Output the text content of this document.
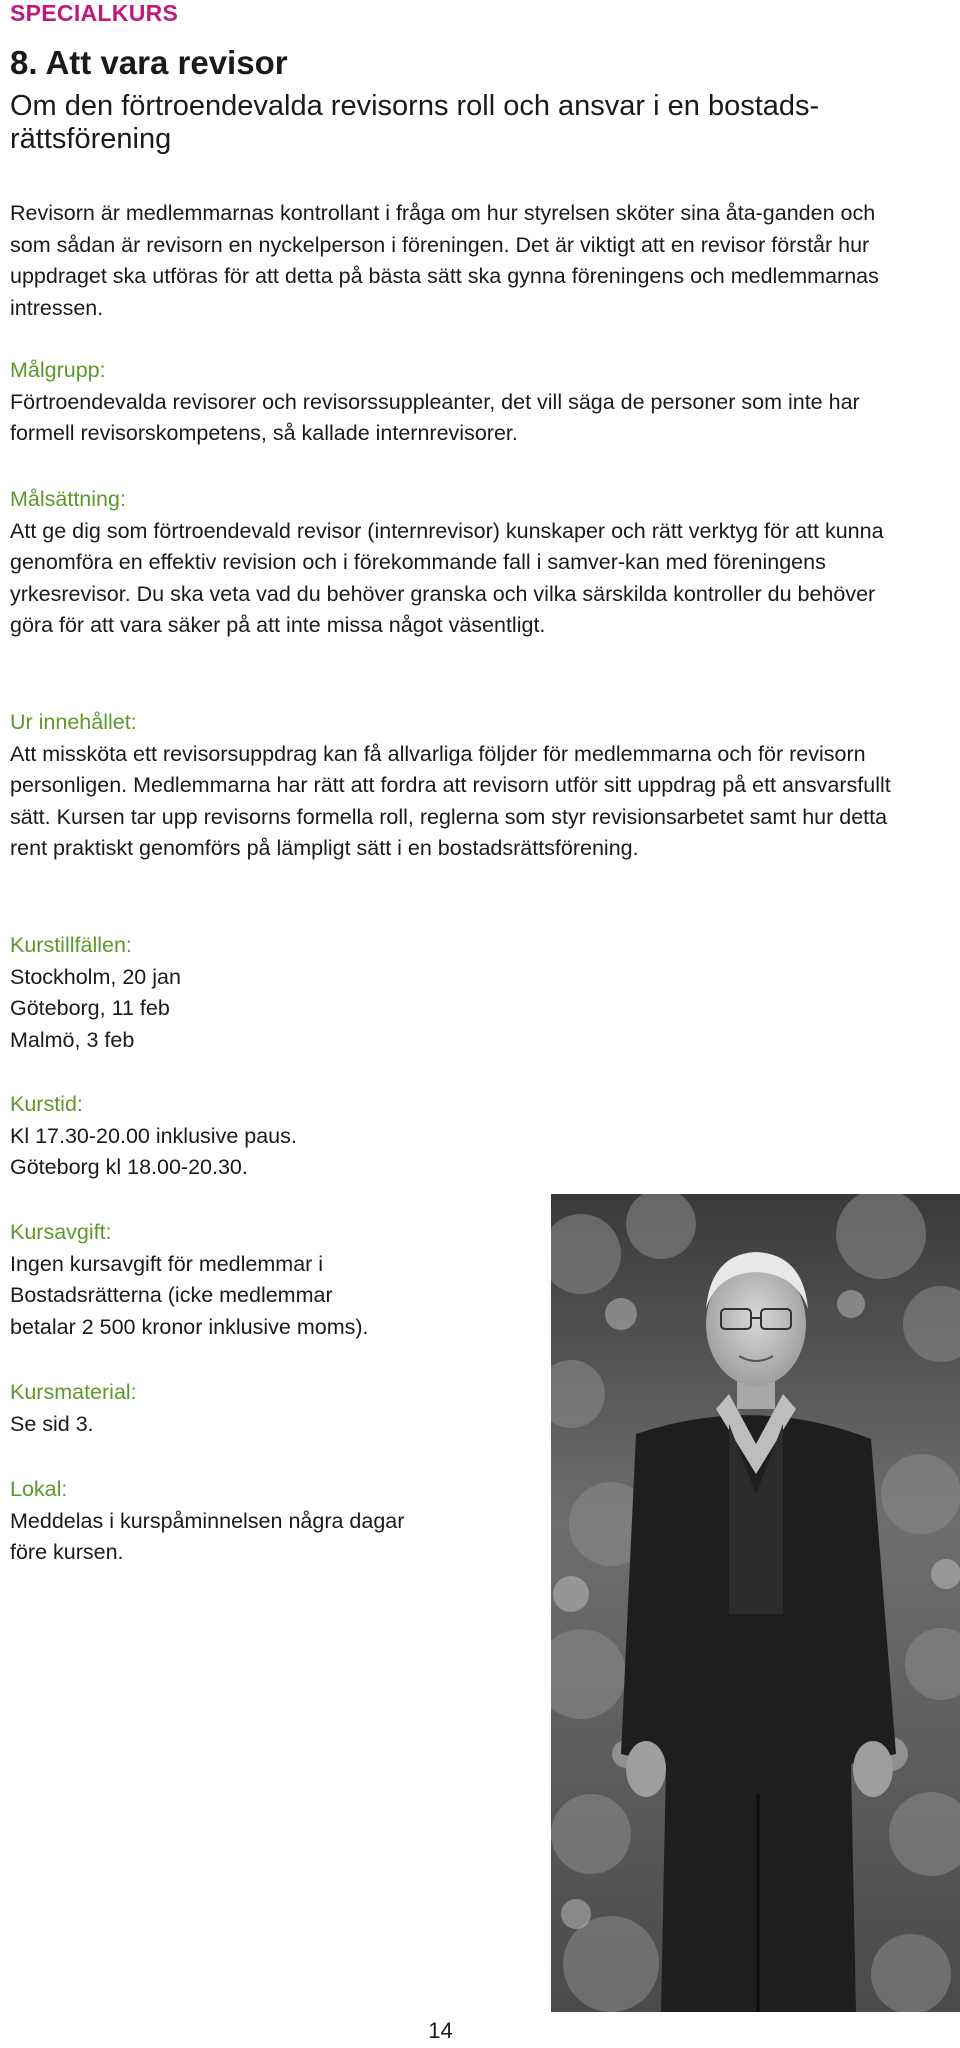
SPECIALKURS
8. Att vara revisor
Om den förtroendevalda revisorns roll och ansvar i en bostads-rättsförening

Revisorn är medlemmarnas kontrollant i fråga om hur styrelsen sköter sina åta-ganden och som sådan är revisorn en nyckelperson i föreningen. Det är viktigt att en revisor förstår hur uppdraget ska utföras för att detta på bästa sätt ska gynna föreningens och medlemmarnas intressen.

Målgrupp:
Förtroendevalda revisorer och revisorssuppleanter, det vill säga de personer som inte har formell revisorskompetens, så kallade internrevisorer.
Målsättning:
Att ge dig som förtroendevald revisor (internrevisor) kunskaper och rätt verktyg för att kunna genomföra en effektiv revision och i förekommande fall i samver-kan med föreningens yrkesrevisor. Du ska veta vad du behöver granska och vilka särskilda kontroller du behöver göra för att vara säker på att inte missa något väsentligt.
Ur innehållet:
Att missköta ett revisorsuppdrag kan få allvarliga följder för medlemmarna och för revisorn personligen. Medlemmarna har rätt att fordra att revisorn utför sitt uppdrag på ett ansvarsfullt sätt. Kursen tar upp revisorns formella roll, reglerna som styr revisionsarbetet samt hur detta rent praktiskt genomförs på lämpligt sätt i en bostadsrättsförening.
Kurstillfällen:
Stockholm, 20 jan
Göteborg, 11 feb
Malmö, 3 feb
Kurstid:
Kl 17.30-20.00 inklusive paus.
Göteborg kl 18.00-20.30.
Kursavgift:
Ingen kursavgift för medlemmar i
Bostadsrätterna (icke medlemmar
betalar 2 500 kronor inklusive moms).
Kursmaterial:
Se sid 3.
Lokal:
Meddelas i kurspåminnelsen några dagar
före kursen.
14
